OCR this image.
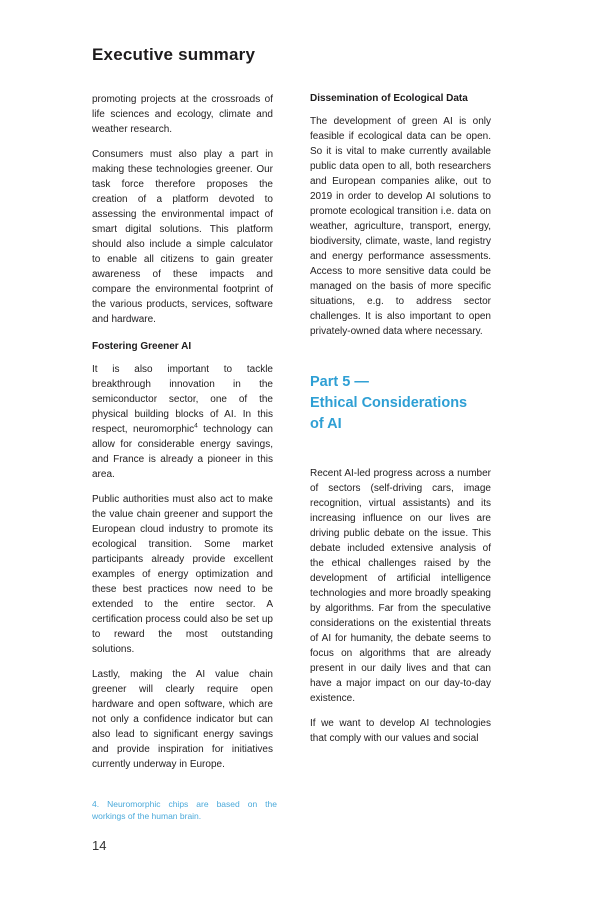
Executive summary

promoting projects at the crossroads of life sciences and ecology, climate and weather research.

Consumers must also play a part in making these technologies greener. Our task force therefore proposes the creation of a platform devoted to assessing the environmental impact of smart digital solutions. This platform should also include a simple calculator to enable all citizens to gain greater awareness of these impacts and compare the environmental footprint of the various products, services, software and hardware.

Fostering Greener AI

It is also important to tackle breakthrough innovation in the semiconductor sector, one of the physical building blocks of AI. In this respect, neuromorphic$^4$ technology can allow for considerable energy savings, and France is already a pioneer in this area.

Public authorities must also act to make the value chain greener and support the European cloud industry to promote its ecological transition. Some market participants already provide excellent examples of energy optimization and these best practices now need to be extended to the entire sector. A certification process could also be set up to reward the most outstanding solutions.

Lastly, making the AI value chain greener will clearly require open hardware and open software, which are not only a confidence indicator but can also lead to significant energy savings and provide inspiration for initiatives currently underway in Europe.

Dissemination of Ecological Data

The development of green AI is only feasible if ecological data can be open. So it is vital to make currently available public data open to all, both researchers and European companies alike, out to 2019 in order to develop AI solutions to promote ecological transition i.e. data on weather, agriculture, transport, energy, biodiversity, climate, waste, land registry and energy performance assessments. Access to more sensitive data could be managed on the basis of more specific situations, e.g. to address sector challenges. It is also important to open privately-owned data where necessary.

Part 5 —
Ethical Considerations
of AI

Recent AI-led progress across a number of sectors (self-driving cars, image recognition, virtual assistants) and its increasing influence on our lives are driving public debate on the issue. This debate included extensive analysis of the ethical challenges raised by the development of artificial intelligence technologies and more broadly speaking by algorithms. Far from the speculative considerations on the existential threats of AI for humanity, the debate seems to focus on algorithms that are already present in our daily lives and that can have a major impact on our day-to-day existence.

If we want to develop AI technologies that comply with our values and social

4. Neuromorphic chips are based on the workings of the human brain.
14
